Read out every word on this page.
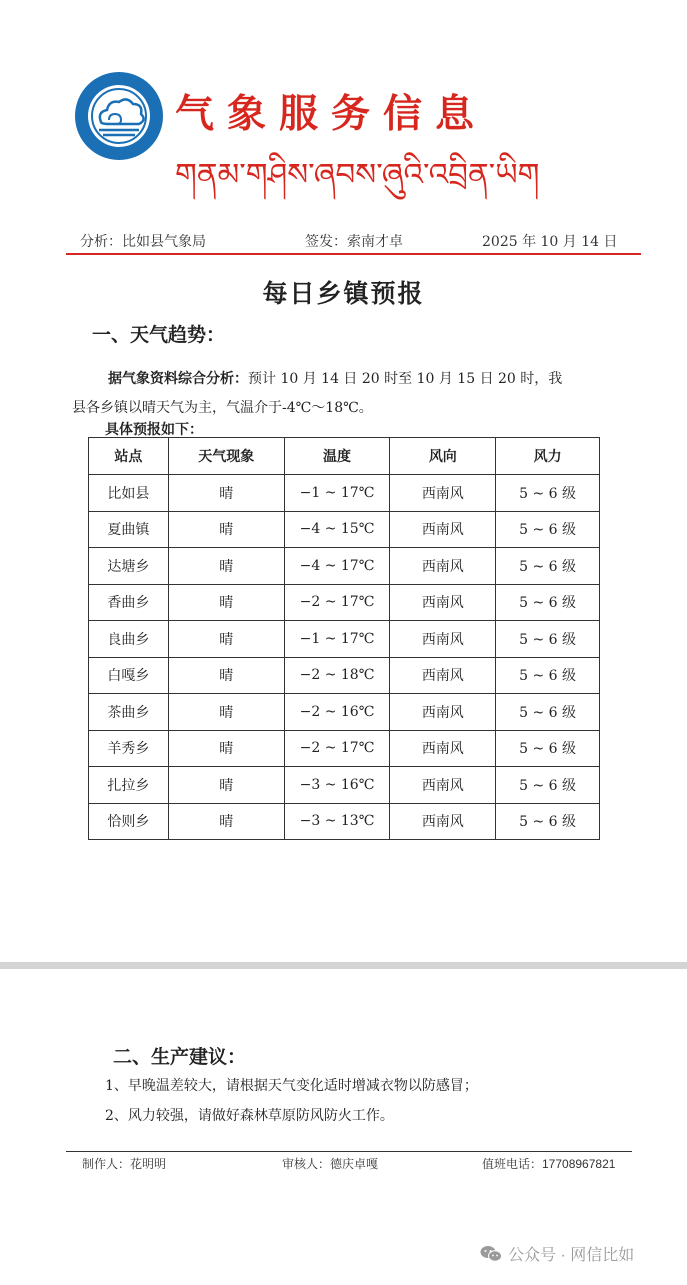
气象服务信息
གནམ་གཤིས་ཞབས་ཞུའི་འབྲིན་ཡིག
分析：比如县气象局	签发：索南才卓	2025 年 10 月 14 日
每日乡镇预报
一、天气趋势：
据气象资料综合分析：预计 10 月 14 日 20 时至 10 月 15 日 20 时，我
县各乡镇以晴天气为主，气温介于-4℃～18℃。
具体预报如下：
站点	天气现象	温度	风向	风力
比如县	晴	−1 ~ 17℃	西南风	5 ~ 6 级
夏曲镇	晴	−4 ~ 15℃	西南风	5 ~ 6 级
达塘乡	晴	−4 ~ 17℃	西南风	5 ~ 6 级
香曲乡	晴	−2 ~ 17℃	西南风	5 ~ 6 级
良曲乡	晴	−1 ~ 17℃	西南风	5 ~ 6 级
白嘎乡	晴	−2 ~ 18℃	西南风	5 ~ 6 级
茶曲乡	晴	−2 ~ 16℃	西南风	5 ~ 6 级
羊秀乡	晴	−2 ~ 17℃	西南风	5 ~ 6 级
扎拉乡	晴	−3 ~ 16℃	西南风	5 ~ 6 级
恰则乡	晴	−3 ~ 13℃	西南风	5 ~ 6 级
二、生产建议：
1、早晚温差较大，请根据天气变化适时增减衣物以防感冒；
2、风力较强，请做好森林草原防风防火工作。
制作人：花明明	审核人：德庆卓嘎	值班电话：17708967821
公众号 · 网信比如
